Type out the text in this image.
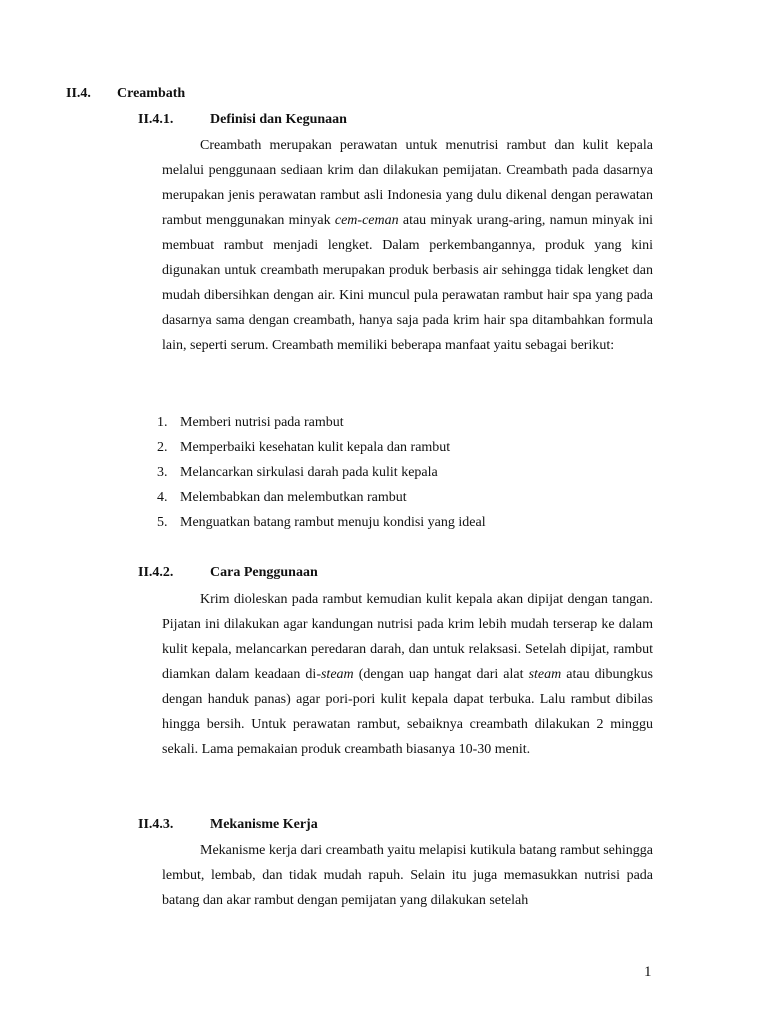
II.4. Creambath
II.4.1.	Definisi dan Kegunaan
Creambath merupakan perawatan untuk menutrisi rambut dan kulit kepala melalui penggunaan sediaan krim dan dilakukan pemijatan. Creambath pada dasarnya merupakan jenis perawatan rambut asli Indonesia yang dulu dikenal dengan perawatan rambut menggunakan minyak cem-ceman atau minyak urang-aring, namun minyak ini membuat rambut menjadi lengket. Dalam perkembangannya, produk yang kini digunakan untuk creambath merupakan produk berbasis air sehingga tidak lengket dan mudah dibersihkan dengan air. Kini muncul pula perawatan rambut hair spa yang pada dasarnya sama dengan creambath, hanya saja pada krim hair spa ditambahkan formula lain, seperti serum. Creambath memiliki beberapa manfaat yaitu sebagai berikut:
1. Memberi nutrisi pada rambut
2. Memperbaiki kesehatan kulit kepala dan rambut
3. Melancarkan sirkulasi darah pada kulit kepala
4. Melembabkan dan melembutkan rambut
5. Menguatkan batang rambut menuju kondisi yang ideal
II.4.2.	Cara Penggunaan
Krim dioleskan pada rambut kemudian kulit kepala akan dipijat dengan tangan. Pijatan ini dilakukan agar kandungan nutrisi pada krim lebih mudah terserap ke dalam kulit kepala, melancarkan peredaran darah, dan untuk relaksasi. Setelah dipijat, rambut diamkan dalam keadaan di-steam (dengan uap hangat dari alat steam atau dibungkus dengan handuk panas) agar pori-pori kulit kepala dapat terbuka. Lalu rambut dibilas hingga bersih. Untuk perawatan rambut, sebaiknya creambath dilakukan 2 minggu sekali. Lama pemakaian produk creambath biasanya 10-30 menit.
II.4.3.	Mekanisme Kerja
Mekanisme kerja dari creambath yaitu melapisi kutikula batang rambut sehingga lembut, lembab, dan tidak mudah rapuh. Selain itu juga memasukkan nutrisi pada batang dan akar rambut dengan pemijatan yang dilakukan setelah
1
